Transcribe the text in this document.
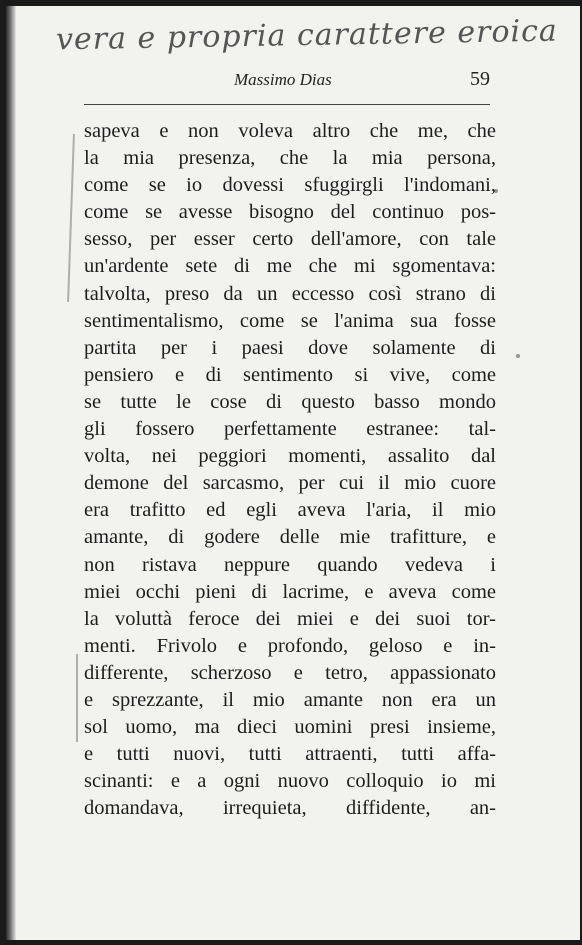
vera e propria carattere eroica
Massimo Dias	59
sapeva e non voleva altro che me, che
la mia presenza, che la mia persona,
come se io dovessi sfuggirgli l'indomani,
come se avesse bisogno del continuo pos-
sesso, per esser certo dell'amore, con tale
un'ardente sete di me che mi sgomentava:
talvolta, preso da un eccesso così strano di
sentimentalismo, come se l'anima sua fosse
partita per i paesi dove solamente di
pensiero e di sentimento si vive, come
se tutte le cose di questo basso mondo
gli fossero perfettamente estranee: tal-
volta, nei peggiori momenti, assalito dal
demone del sarcasmo, per cui il mio cuore
era trafitto ed egli aveva l'aria, il mio
amante, di godere delle mie trafitture, e
non ristava neppure quando vedeva i
miei occhi pieni di lacrime, e aveva come
la voluttà feroce dei miei e dei suoi tor-
menti. Frivolo e profondo, geloso e in-
differente, scherzoso e tetro, appassionato
e sprezzante, il mio amante non era un
sol uomo, ma dieci uomini presi insieme,
e tutti nuovi, tutti attraenti, tutti affa-
scinanti: e a ogni nuovo colloquio io mi
domandava, irrequieta, diffidente, an-
